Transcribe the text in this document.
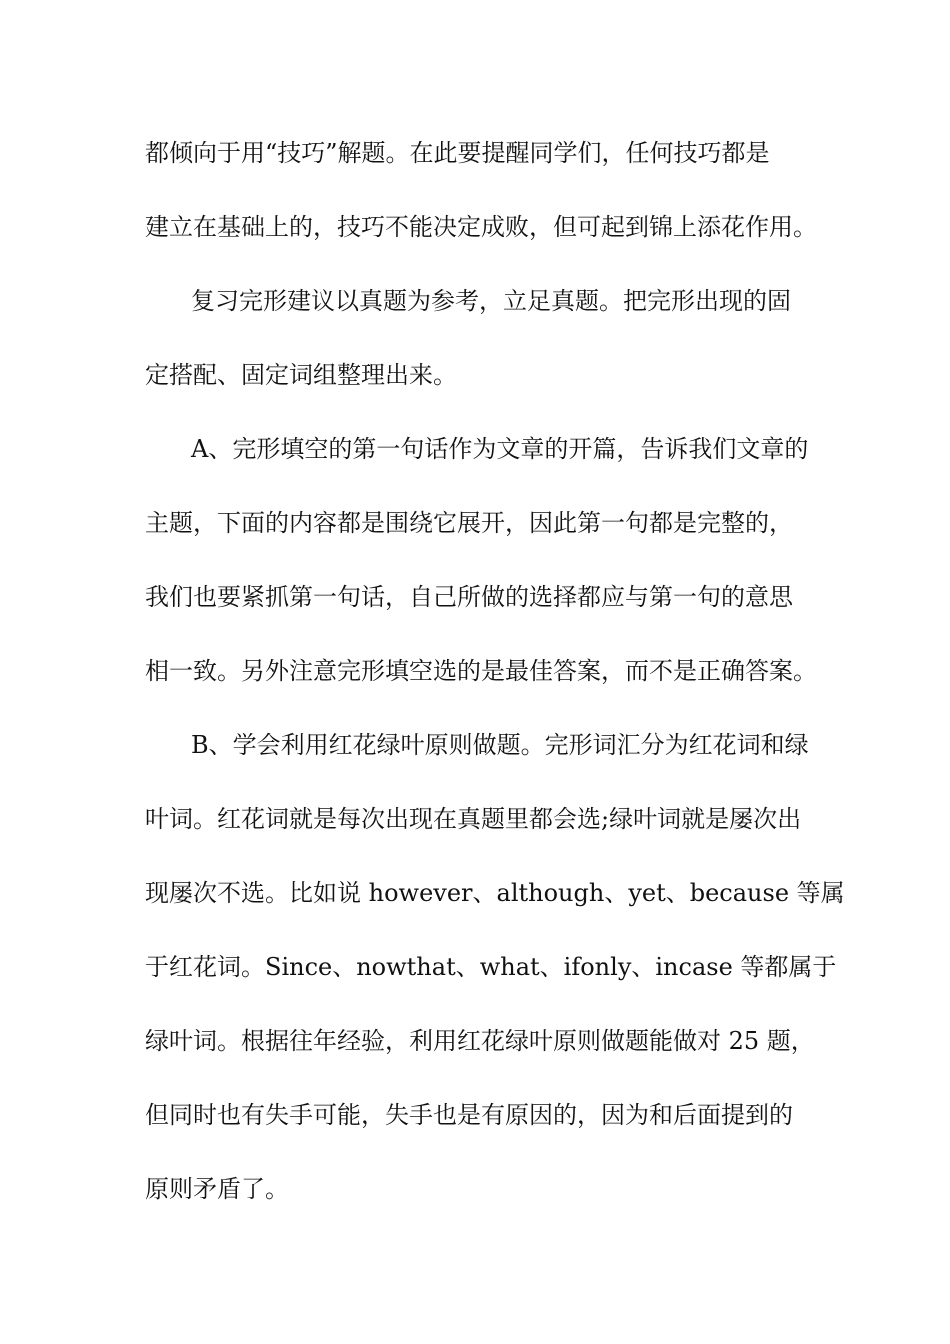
都倾向于用“技巧”解题。在此要提醒同学们，任何技巧都是
建立在基础上的，技巧不能决定成败，但可起到锦上添花作用。
复习完形建议以真题为参考，立足真题。把完形出现的固
定搭配、固定词组整理出来。
A、完形填空的第一句话作为文章的开篇，告诉我们文章的
主题，下面的内容都是围绕它展开，因此第一句都是完整的，
我们也要紧抓第一句话，自己所做的选择都应与第一句的意思
相一致。另外注意完形填空选的是最佳答案，而不是正确答案。
B、学会利用红花绿叶原则做题。完形词汇分为红花词和绿
叶词。红花词就是每次出现在真题里都会选;绿叶词就是屡次出
现屡次不选。比如说 however、although、yet、because 等属
于红花词。Since、nowthat、what、ifonly、incase 等都属于
绿叶词。根据往年经验，利用红花绿叶原则做题能做对 25 题，
但同时也有失手可能，失手也是有原因的，因为和后面提到的
原则矛盾了。
